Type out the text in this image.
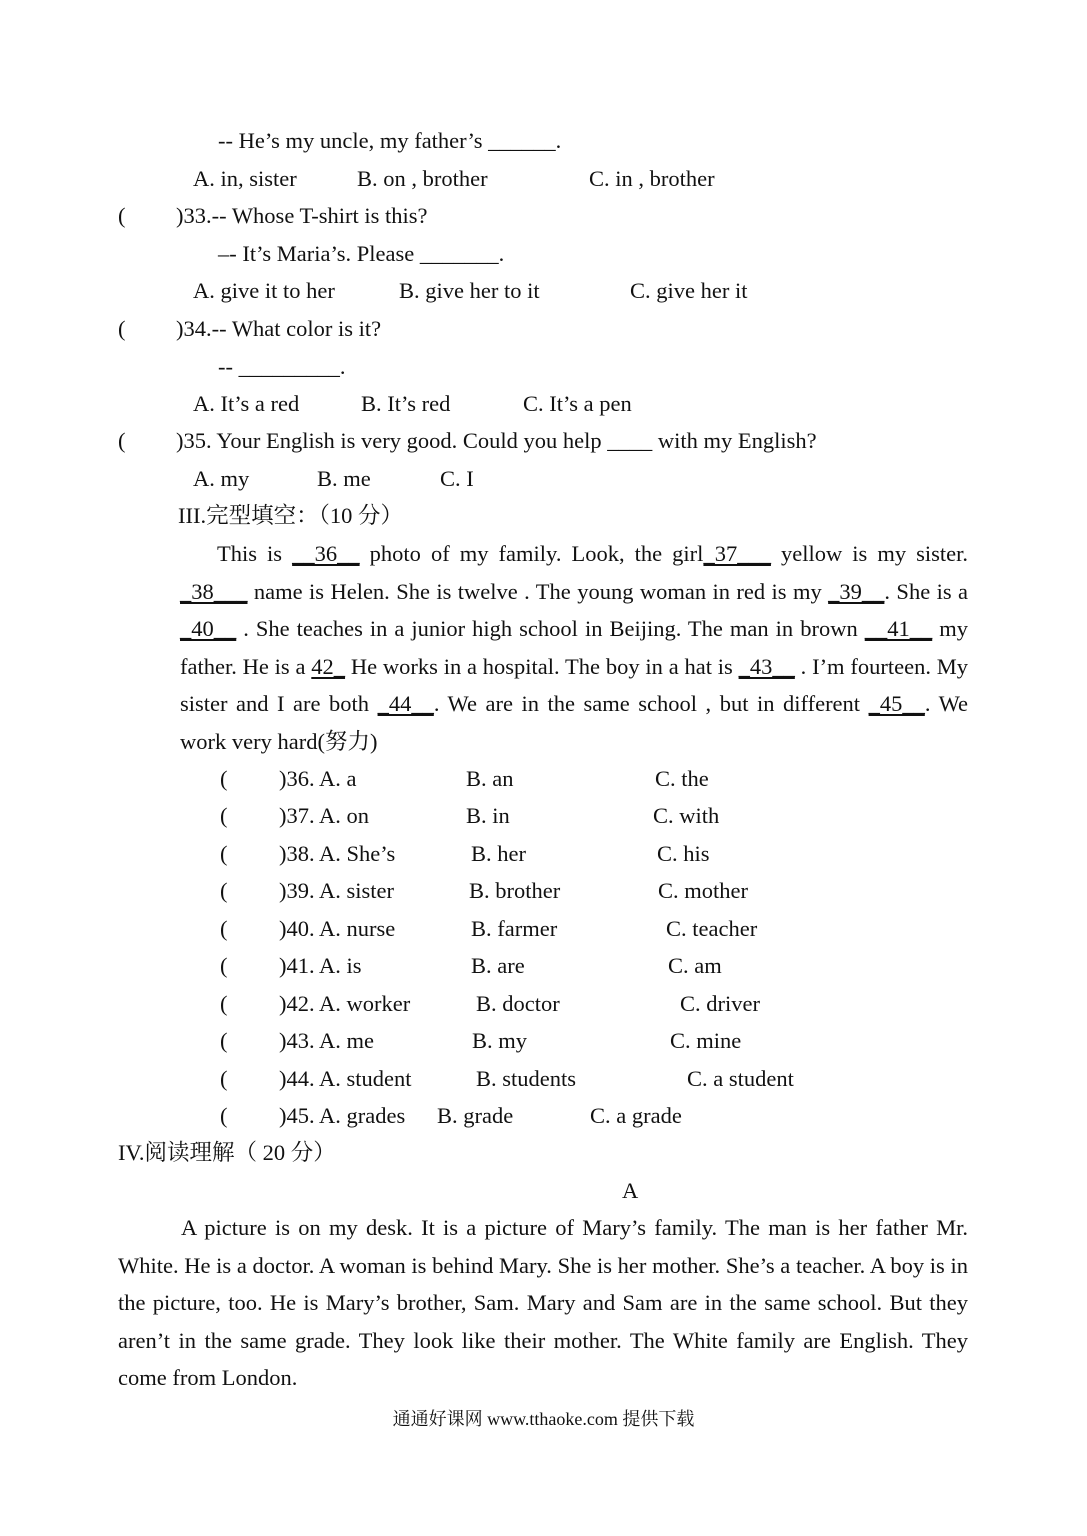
-- He’s my uncle, my father’s ______.
A. in, sister	B. on , brother	C. in , brother
( )33.-- Whose T-shirt is this?
–- It’s Maria’s. Please _______.
A. give it to her	B. give her to it	C. give her it
( )34.-- What color is it?
-- _________.
A. It’s a red	B. It’s red	C. It’s a pen
( )35. Your English is very good. Could you help ____ with my English?
A. my	B. me	C. I
III.完型填空：（10 分）
This is __36__ photo of my family. Look, the girl_37___ yellow is my sister. _38___ name is Helen. She is twelve . The young woman in red is my _39__. She is a _40__ . She teaches in a junior high school in Beijing. The man in brown __41__ my father. He is a 42_ He works in a hospital. The boy in a hat is _43__ . I’m fourteen. My sister and I are both _44__. We are in the same school , but in different _45__. We work very hard(努力)
( )36. A. a	B. an	C. the
( )37. A. on	B. in	C. with
( )38. A. She’s	B. her	C. his
( )39. A. sister	B. brother	C. mother
( )40. A. nurse	B. farmer	C. teacher
( )41. A. is	B. are	C. am
( )42. A. worker	B. doctor	C. driver
( )43. A. me	B. my	C. mine
( )44. A. student	B. students	C. a student
( )45. A. grades B. grade	C. a grade
IV.阅读理解（ 20 分）
A
A picture is on my desk. It is a picture of Mary’s family. The man is her father Mr. White. He is a doctor. A woman is behind Mary. She is her mother. She’s a teacher. A boy is in the picture, too. He is Mary’s brother, Sam. Mary and Sam are in the same school. But they aren’t in the same grade. They look like their mother. The White family are English. They come from London.
通通好课网 www.tthaoke.com 提供下载
